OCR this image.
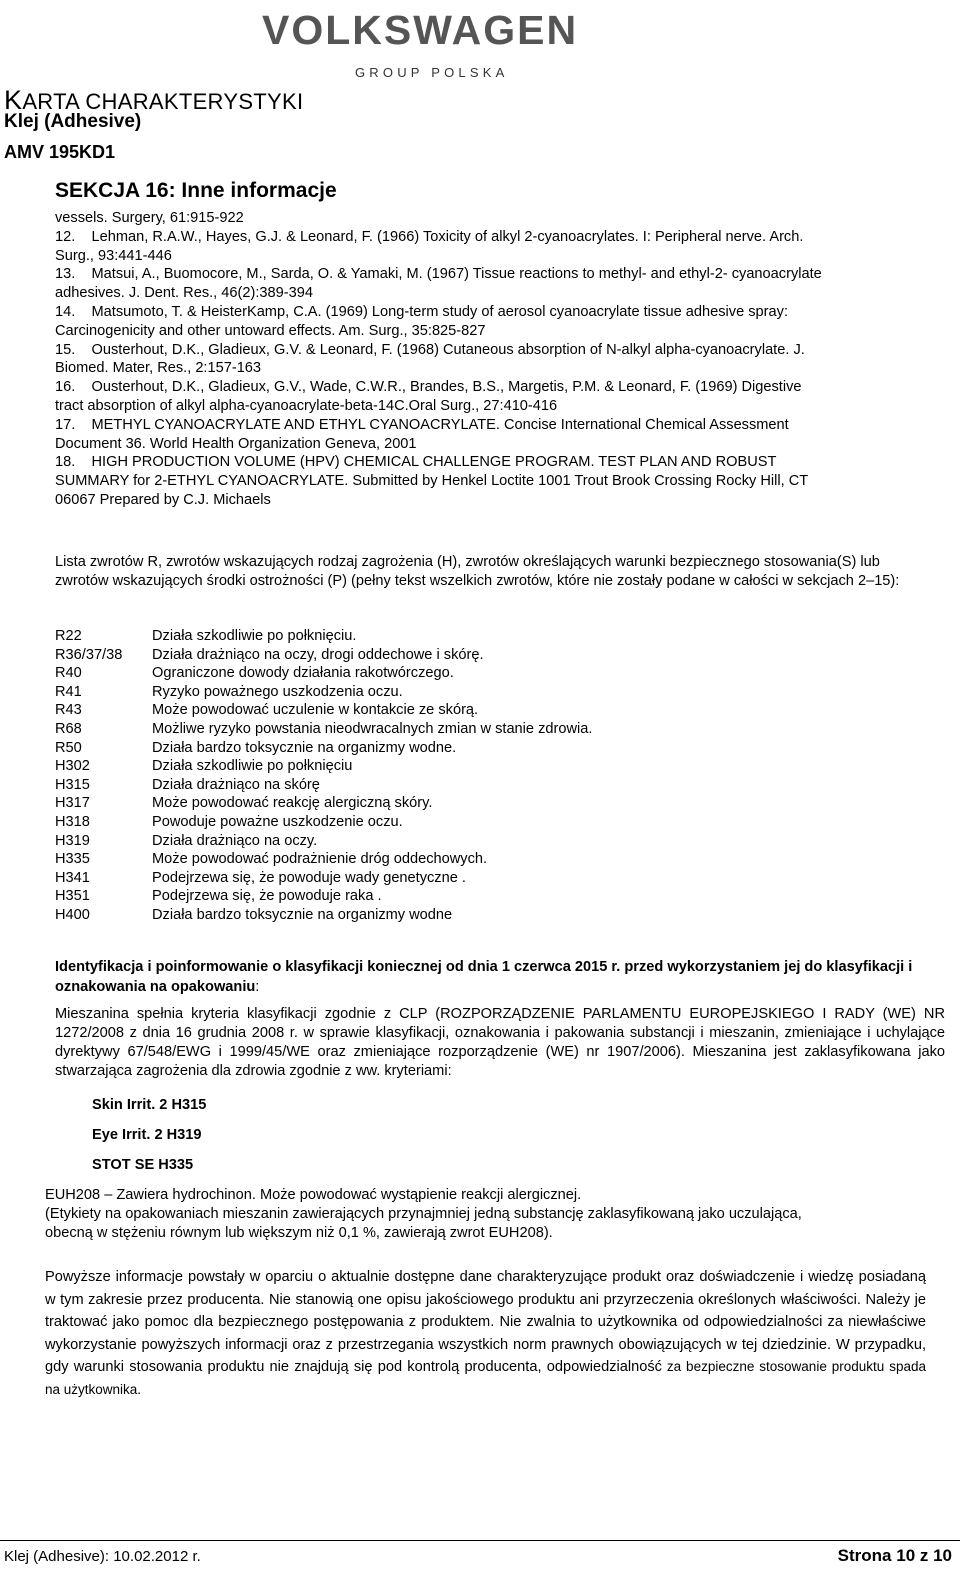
VOLKSWAGEN
GROUP POLSKA
KARTA CHARAKTERYSTYKI
Klej (Adhesive)
AMV 195KD1
SEKCJA 16: Inne informacje
vessels. Surgery, 61:915-922
12.    Lehman, R.A.W., Hayes, G.J. & Leonard, F. (1966) Toxicity of alkyl 2-cyanoacrylates. I: Peripheral nerve. Arch.
Surg., 93:441-446
13.    Matsui, A., Buomocore, M., Sarda, O. & Yamaki, M. (1967) Tissue reactions to methyl- and ethyl-2- cyanoacrylate
adhesives. J. Dent. Res., 46(2):389-394
14.    Matsumoto, T. & HeisterKamp, C.A. (1969) Long-term study of aerosol cyanoacrylate tissue adhesive spray:
Carcinogenicity and other untoward effects. Am. Surg., 35:825-827
15.    Ousterhout, D.K., Gladieux, G.V. & Leonard, F. (1968) Cutaneous absorption of N-alkyl alpha-cyanoacrylate. J.
Biomed. Mater, Res., 2:157-163
16.    Ousterhout, D.K., Gladieux, G.V., Wade, C.W.R., Brandes, B.S., Margetis, P.M. & Leonard, F. (1969) Digestive
tract absorption of alkyl alpha-cyanoacrylate-beta-14C.Oral Surg., 27:410-416
17.    METHYL CYANOACRYLATE AND ETHYL CYANOACRYLATE. Concise International Chemical Assessment
Document 36. World Health Organization Geneva, 2001
18.    HIGH PRODUCTION VOLUME (HPV) CHEMICAL CHALLENGE PROGRAM. TEST PLAN AND ROBUST
SUMMARY for 2-ETHYL CYANOACRYLATE. Submitted by Henkel Loctite 1001 Trout Brook Crossing Rocky Hill, CT
06067 Prepared by C.J. Michaels
Lista zwrotów R, zwrotów wskazujących rodzaj zagrożenia (H), zwrotów określających warunki bezpiecznego stosowania(S) lub zwrotów wskazujących środki ostrożności (P) (pełny tekst wszelkich zwrotów, które nie zostały podane w całości w sekcjach 2–15):
R22	Działa szkodliwie po połknięciu.
R36/37/38 Działa drażniąco na oczy, drogi oddechowe i skórę.
R40	Ograniczone dowody działania rakotwórczego.
R41	Ryzyko poważnego uszkodzenia oczu.
R43	Może powodować uczulenie w kontakcie ze skórą.
R68	Możliwe ryzyko powstania nieodwracalnych zmian w stanie zdrowia.
R50	Działa bardzo toksycznie na organizmy wodne.
H302	Działa szkodliwie po połknięciu
H315	Działa drażniąco na skórę
H317	Może powodować reakcję alergiczną skóry.
H318	Powoduje poważne uszkodzenie oczu.
H319	Działa drażniąco na oczy.
H335	Może powodować podrażnienie dróg oddechowych.
H341	Podejrzewa się, że powoduje wady genetyczne .
H351	Podejrzewa się, że powoduje raka .
H400	Działa bardzo toksycznie na organizmy wodne
Identyfikacja i poinformowanie o klasyfikacji koniecznej od dnia 1 czerwca 2015 r. przed wykorzystaniem jej do klasyfikacji i oznakowania na opakowaniu:
Mieszanina spełnia kryteria klasyfikacji zgodnie z CLP (ROZPORZĄDZENIE PARLAMENTU EUROPEJSKIEGO I RADY (WE) NR 1272/2008 z dnia 16 grudnia 2008 r. w sprawie klasyfikacji, oznakowania i pakowania substancji i mieszanin, zmieniające i uchylające dyrektywy 67/548/EWG i 1999/45/WE oraz zmieniające rozporządzenie (WE) nr 1907/2006). Mieszanina jest zaklasyfikowana jako stwarzająca zagrożenia dla zdrowia zgodnie z ww. kryteriami:
Skin Irrit. 2 H315
Eye Irrit. 2 H319
STOT SE H335
EUH208 – Zawiera hydrochinon. Może powodować wystąpienie reakcji alergicznej.
(Etykiety na opakowaniach mieszanin zawierających przynajmniej jedną substancję zaklasyfikowaną jako uczulająca,
obecną w stężeniu równym lub większym niż 0,1 %, zawierają zwrot EUH208).
Powyższe informacje powstały w oparciu o aktualnie dostępne dane charakteryzujące produkt oraz doświadczenie i wiedzę posiadaną w tym zakresie przez producenta. Nie stanowią one opisu jakościowego produktu ani przyrzeczenia określonych właściwości. Należy je traktować jako pomoc dla bezpiecznego postępowania z produktem. Nie zwalnia to użytkownika od odpowiedzialności za niewłaściwe wykorzystanie powyższych informacji oraz z przestrzegania wszystkich norm prawnych obowiązujących w tej dziedzinie. W przypadku, gdy warunki stosowania produktu nie znajdują się pod kontrolą producenta, odpowiedzialność za bezpieczne stosowanie produktu spada na użytkownika.
Klej (Adhesive): 10.02.2012 r.	Strona 10 z 10
